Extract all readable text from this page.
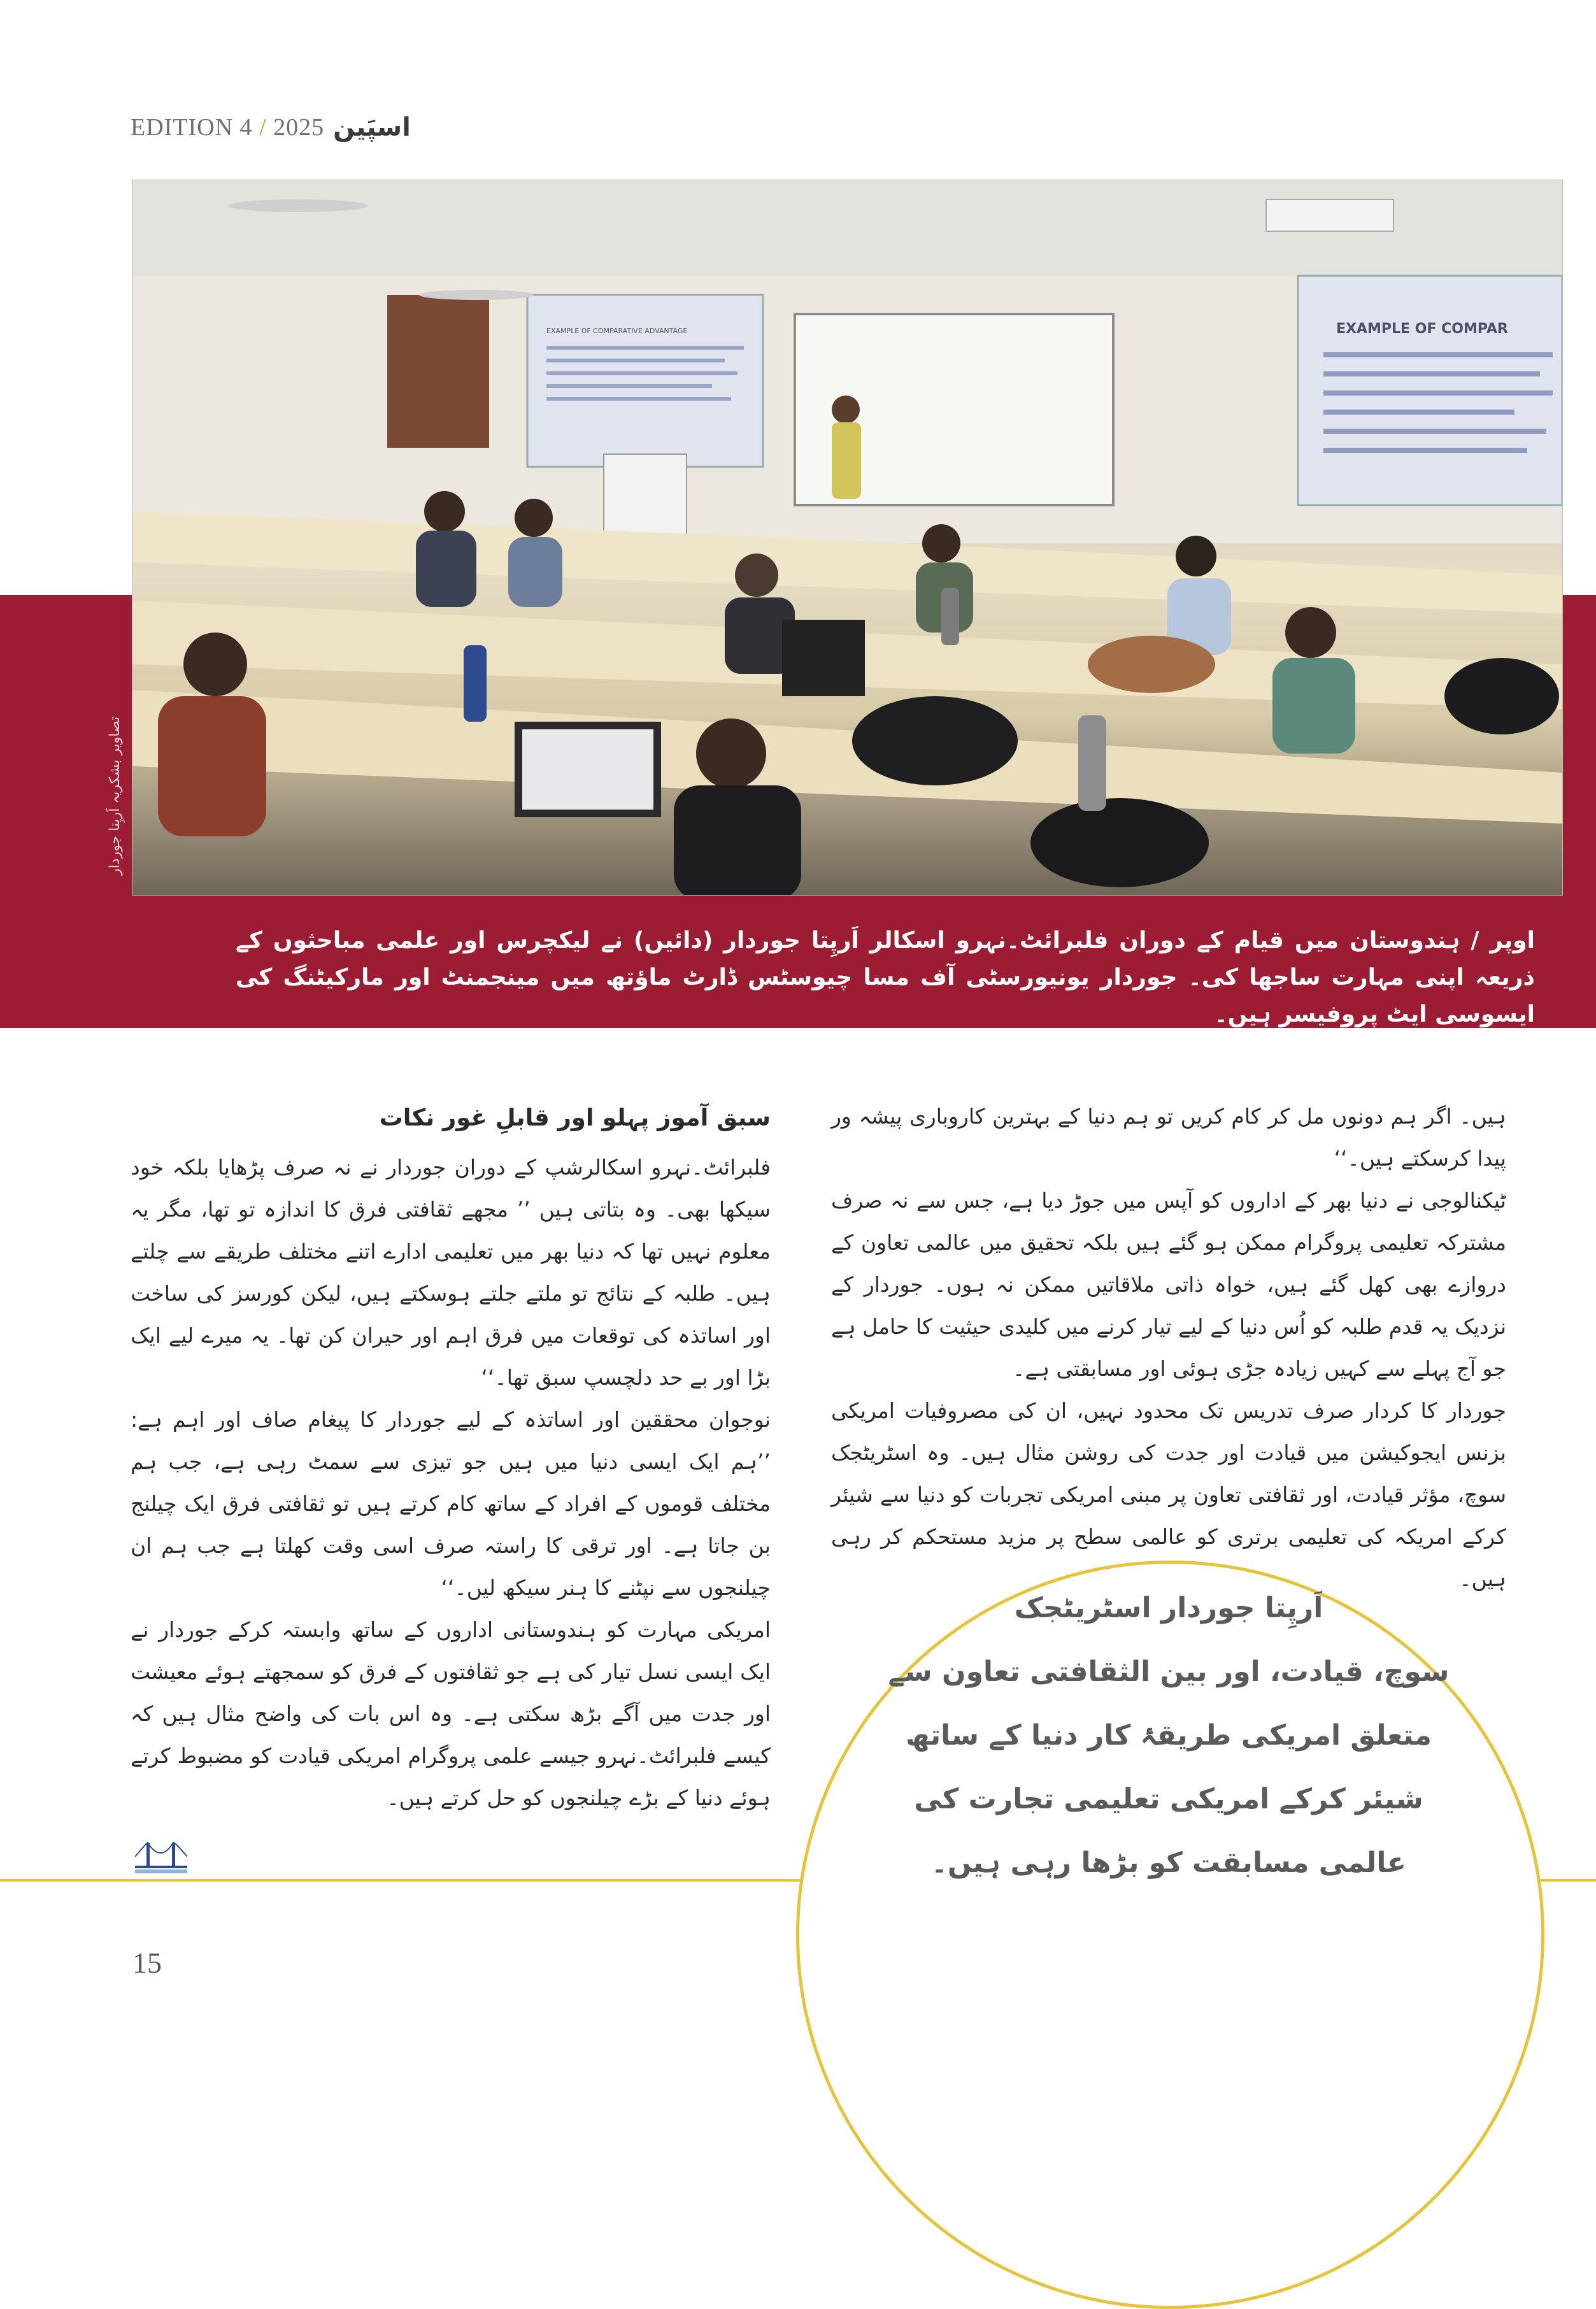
EDITION 4 / 2025 اسپَین
EXAMPLE OF COMPARATIVE ADVANTAGE	EXAMPLE OF COMPAR
تصاویر بشکریہ اَرپِتا جوردار
اوپر / ہندوستان میں قیام کے دوران فلبرائٹ۔نہرو اسکالر اَرپِتا جوردار (دائیں) نے لیکچرس اور علمی مباحثوں کے ذریعہ اپنی مہارت ساجھا کی۔ جوردار یونیورسٹی آف مسا چیوسٹس ڈارٹ ماؤتھ میں مینجمنٹ اور مارکیٹنگ کی ایسوسی ایٹ پروفیسر ہیں۔

ہیں۔ اگر ہم دونوں مل کر کام کریں تو ہم دنیا کے بہترین کاروباری پیشہ ور پیدا کرسکتے ہیں۔‘‘

ٹیکنالوجی نے دنیا بھر کے اداروں کو آپس میں جوڑ دیا ہے، جس سے نہ صرف مشترکہ تعلیمی پروگرام ممکن ہو گئے ہیں بلکہ تحقیق میں عالمی تعاون کے دروازے بھی کھل گئے ہیں، خواہ ذاتی ملاقاتیں ممکن نہ ہوں۔ جوردار کے نزدیک یہ قدم طلبہ کو اُس دنیا کے لیے تیار کرنے میں کلیدی حیثیت کا حامل ہے جو آج پہلے سے کہیں زیادہ جڑی ہوئی اور مسابقتی ہے۔

جوردار کا کردار صرف تدریس تک محدود نہیں، ان کی مصروفیات امریکی بزنس ایجوکیشن میں قیادت اور جدت کی روشن مثال ہیں۔ وہ اسٹریٹجک سوچ، مؤثر قیادت، اور ثقافتی تعاون پر مبنی امریکی تجربات کو دنیا سے شیئر کرکے امریکہ کی تعلیمی برتری کو عالمی سطح پر مزید مستحکم کر رہی ہیں۔

سبق آموز پہلو اور قابلِ غور نکات

فلبرائٹ۔نہرو اسکالرشپ کے دوران جوردار نے نہ صرف پڑھایا بلکہ خود سیکھا بھی۔ وہ بتاتی ہیں ’’ مجھے ثقافتی فرق کا اندازہ تو تھا، مگر یہ معلوم نہیں تھا کہ دنیا بھر میں تعلیمی ادارے اتنے مختلف طریقے سے چلتے ہیں۔ طلبہ کے نتائج تو ملتے جلتے ہوسکتے ہیں، لیکن کورسز کی ساخت اور اساتذہ کی توقعات میں فرق اہم اور حیران کن تھا۔ یہ میرے لیے ایک بڑا اور بے حد دلچسپ سبق تھا۔‘‘

نوجوان محققین اور اساتذہ کے لیے جوردار کا پیغام صاف اور اہم ہے: ’’ہم ایک ایسی دنیا میں ہیں جو تیزی سے سمٹ رہی ہے، جب ہم مختلف قوموں کے افراد کے ساتھ کام کرتے ہیں تو ثقافتی فرق ایک چیلنج بن جاتا ہے۔ اور ترقی کا راستہ صرف اسی وقت کھلتا ہے جب ہم ان چیلنجوں سے نپٹنے کا ہنر سیکھ لیں۔‘‘

امریکی مہارت کو ہندوستانی اداروں کے ساتھ وابستہ کرکے جوردار نے ایک ایسی نسل تیار کی ہے جو ثقافتوں کے فرق کو سمجھتے ہوئے معیشت اور جدت میں آگے بڑھ سکتی ہے۔ وہ اس بات کی واضح مثال ہیں کہ کیسے فلبرائٹ۔نہرو جیسے علمی پروگرام امریکی قیادت کو مضبوط کرتے ہوئے دنیا کے بڑے چیلنجوں کو حل کرتے ہیں۔

اَرپِتا جوردار اسٹریٹجک
سوچ، قیادت، اور بین الثقافتی تعاون سے
متعلق امریکی طریقۂ کار دنیا کے ساتھ
شیئر کرکے امریکی تعلیمی تجارت کی
عالمی مسابقت کو بڑھا رہی ہیں۔
15
